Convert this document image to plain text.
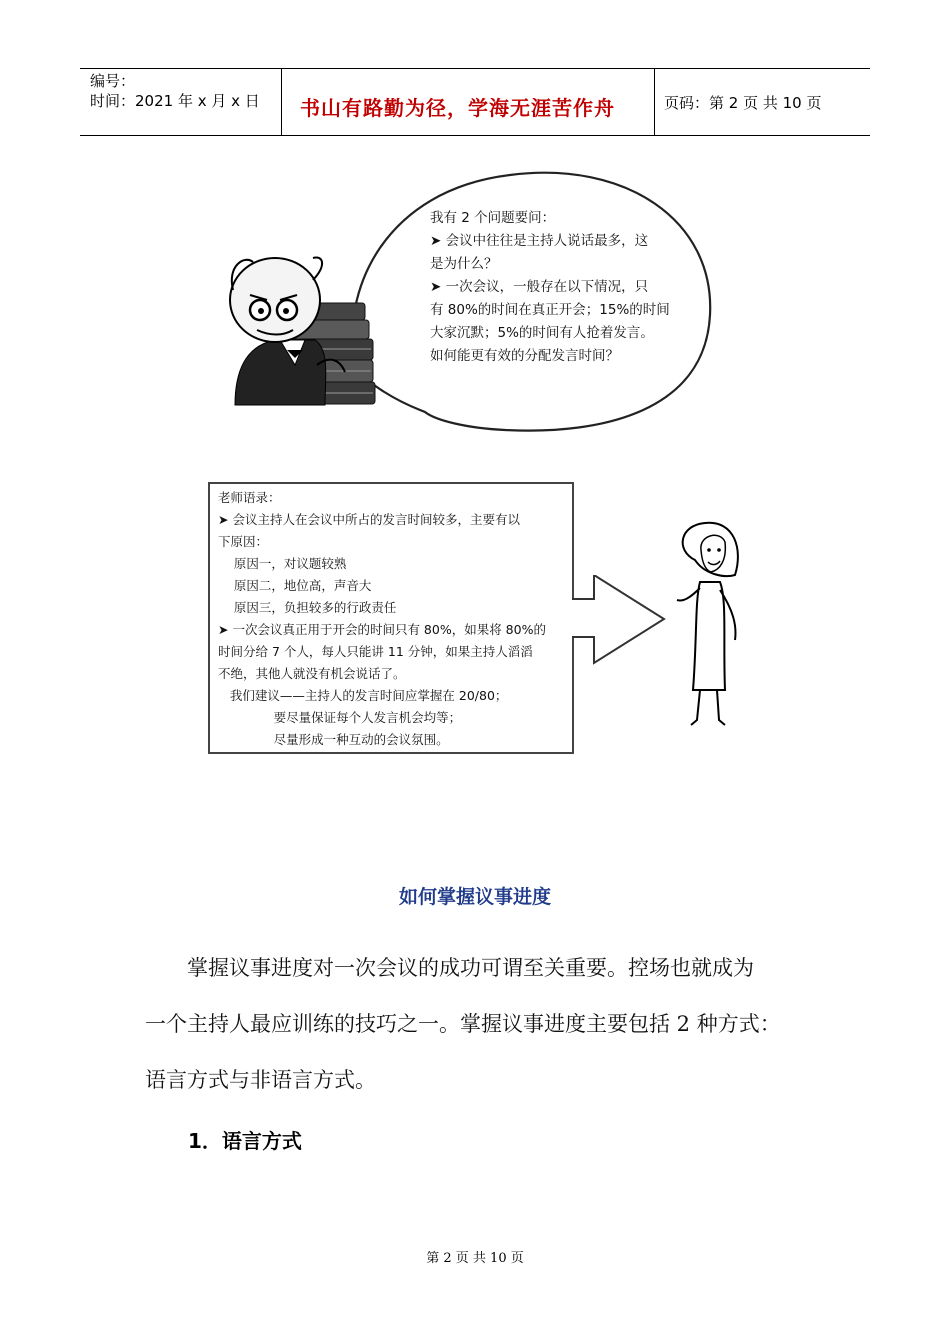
编号：
时间：2021 年 x 月 x 日 书山有路勤为径，学海无涯苦作舟	页码：第 2 页 共 10 页
我有 2 个问题要问：
➤ 会议中往往是主持人说话最多，这
是为什么？
➤ 一次会议，一般存在以下情况，只
有 80%的时间在真正开会；15%的时间
大家沉默；5%的时间有人抢着发言。
如何能更有效的分配发言时间？
老师语录：
➤ 会议主持人在会议中所占的发言时间较多，主要有以
下原因：
原因一，对议题较熟
原因二，地位高，声音大
原因三，负担较多的行政责任
➤ 一次会议真正用于开会的时间只有 80%，如果将 80%的
时间分给 7 个人，每人只能讲 11 分钟，如果主持人滔滔
不绝，其他人就没有机会说话了。
我们建议——主持人的发言时间应掌握在 20/80；
要尽量保证每个人发言机会均等；
尽量形成一种互动的会议氛围。
如何掌握议事进度
掌握议事进度对一次会议的成功可谓至关重要。控场也就成为
一个主持人最应训练的技巧之一。掌握议事进度主要包括 2 种方式：
语言方式与非语言方式。
1．语言方式
第 2 页 共 10 页
